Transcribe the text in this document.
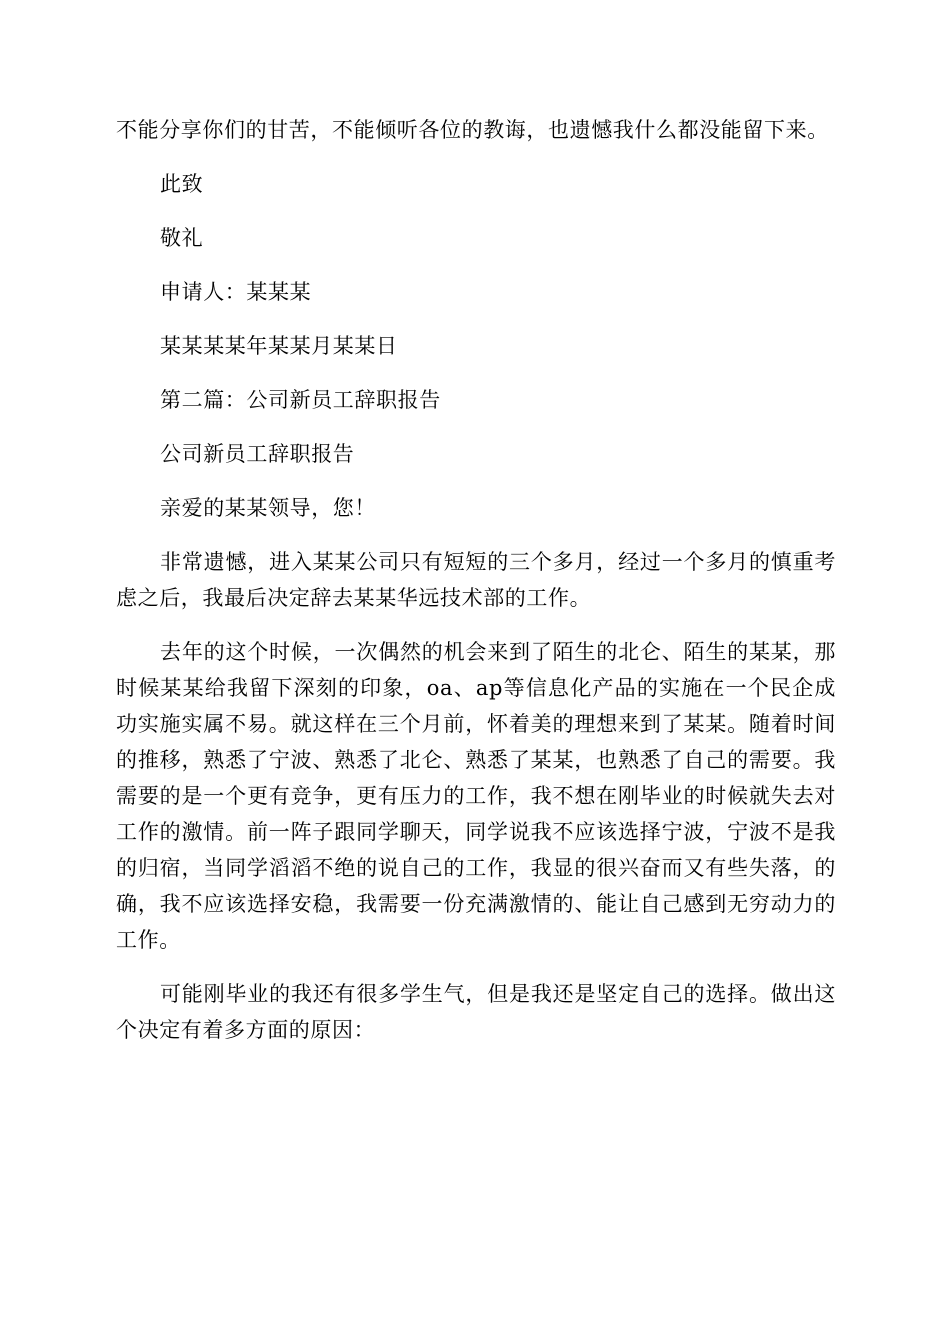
不能分享你们的甘苦，不能倾听各位的教诲，也遗憾我什么都没能留下来。

此致

敬礼

申请人：某某某

某某某某年某某月某某日

第二篇：公司新员工辞职报告

公司新员工辞职报告

亲爱的某某领导，您！

非常遗憾，进入某某公司只有短短的三个多月，经过一个多月的慎重考虑之后，我最后决定辞去某某华远技术部的工作。

去年的这个时候，一次偶然的机会来到了陌生的北仑、陌生的某某，那时候某某给我留下深刻的印象，oa、ap等信息化产品的实施在一个民企成功实施实属不易。就这样在三个月前，怀着美的理想来到了某某。随着时间的推移，熟悉了宁波、熟悉了北仑、熟悉了某某，也熟悉了自己的需要。我需要的是一个更有竞争，更有压力的工作，我不想在刚毕业的时候就失去对工作的激情。前一阵子跟同学聊天，同学说我不应该选择宁波，宁波不是我的归宿，当同学滔滔不绝的说自己的工作，我显的很兴奋而又有些失落，的确，我不应该选择安稳，我需要一份充满激情的、能让自己感到无穷动力的工作。

可能刚毕业的我还有很多学生气，但是我还是坚定自己的选择。做出这个决定有着多方面的原因：
